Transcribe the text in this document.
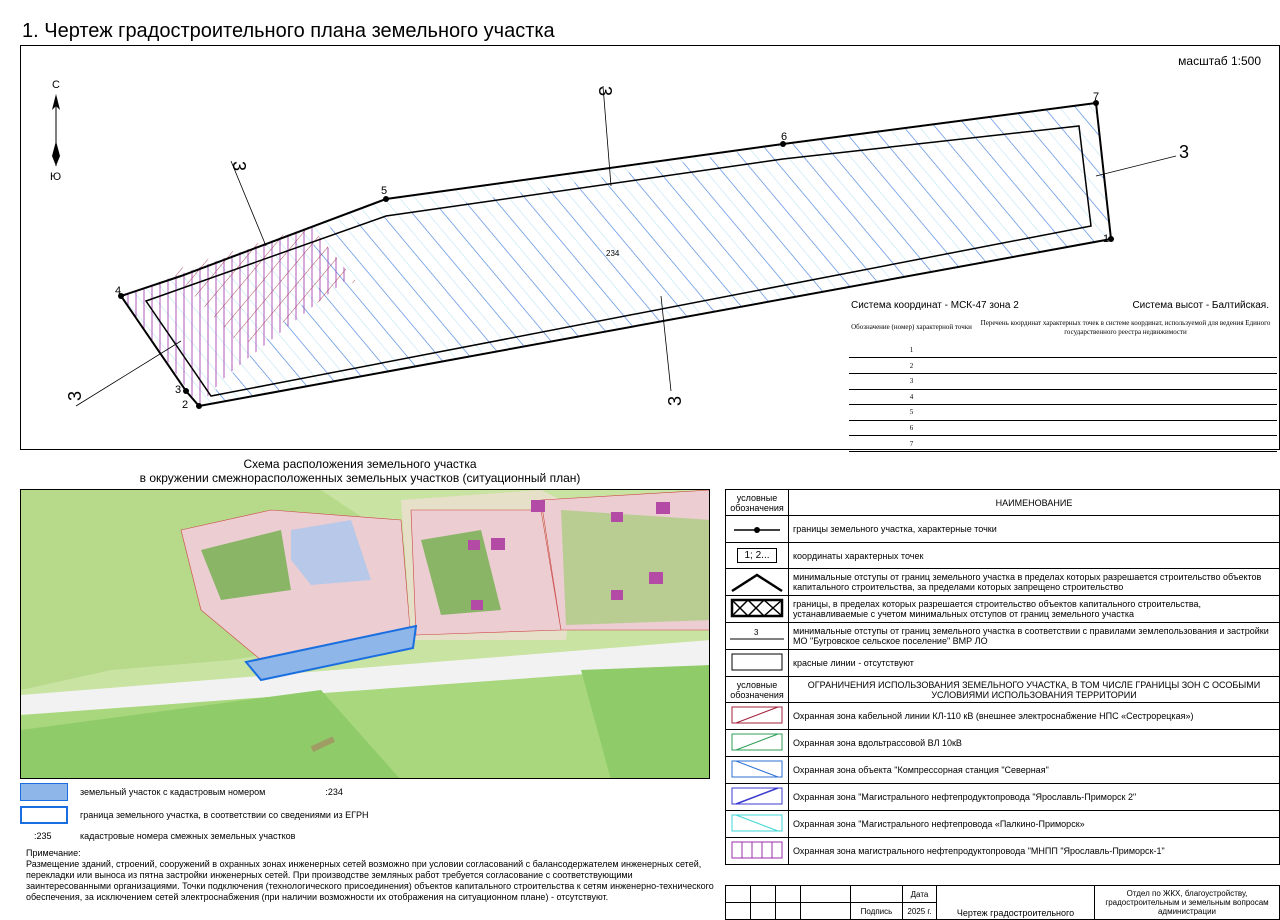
1. Чертеж градостроительного плана земельного участка
масштаб 1:500
С
Ю
3
3
3
3	3
234
1
2
3
4
5
6
7
Система координат - МСК-47 зона 2	Система высот - Балтийская.
Обозначение (номер) характерной точки	Перечень координат характерных точек в системе координат, используемой для ведения Единого государственного реестра недвижимости
1	
2	
3	
4	
5	
6	
7	
Схема расположения земельного участка
в окружении смежнорасположенных земельных участков (ситуационный план)
земельный участок с кадастровым номером	:234
граница земельного участка, в соответствии со сведениями из ЕГРН
:235	кадастровые номера смежных земельных участков
Примечание:
Размещение зданий, строений, сооружений в охранных зонах инженерных сетей возможно при условии согласований с балансодержателем инженерных сетей, перекладки или выноса из пятна застройки инженерных сетей. При производстве земляных работ требуется согласование с соответствующими заинтересованными организациями. Точки подключения (технологического присоединения) объектов капитального строительства к сетям инженерно-технического обеспечения, за исключением сетей электроснабжения (при наличии возможности их отображения на ситуационном плане) - отсутствуют.
условные обозначения	НАИМЕНОВАНИЕ
	границы земельного участка, характерные точки
1; 2...	координаты характерных точек
	минимальные отступы от границ земельного участка в пределах которых разрешается строительство объектов капитального строительства, за пределами которых запрещено строительство
	границы, в пределах которых разрешается строительство объектов капитального строительства, устанавливаемые с учетом минимальных отступов от границ земельного участка

3	минимальные отступы от границ земельного участка в соответствии с правилами землепользования и застройки МО "Бугровское сельское поселение" ВМР ЛО
	красные линии - отсутствуют
условные обозначения	ОГРАНИЧЕНИЯ ИСПОЛЬЗОВАНИЯ ЗЕМЕЛЬНОГО УЧАСТКА, В ТОМ ЧИСЛЕ ГРАНИЦЫ ЗОН С ОСОБЫМИ УСЛОВИЯМИ ИСПОЛЬЗОВАНИЯ ТЕРРИТОРИИ
	Охранная зона кабельной линии КЛ-110 кВ (внешнее электроснабжение НПС «Сестрорецкая»)
	Охранная зона вдольтрассовой ВЛ 10кВ
	Охранная зона объекта "Компрессорная станция "Северная"
	Охранная зона "Магистрального нефтепродуктопровода "Ярославль-Приморск 2"
	Охранная зона "Магистрального нефтепровода «Палкино-Приморск»
	Охранная зона магистрального нефтепродуктопровода "МНПП "Ярославль-Приморск-1"
					Дата	Чертеж градостроительного	Отдел по ЖКХ, благоустройству, градостроительным и земельным вопросам администрации
				Подпись	2025 г.		
